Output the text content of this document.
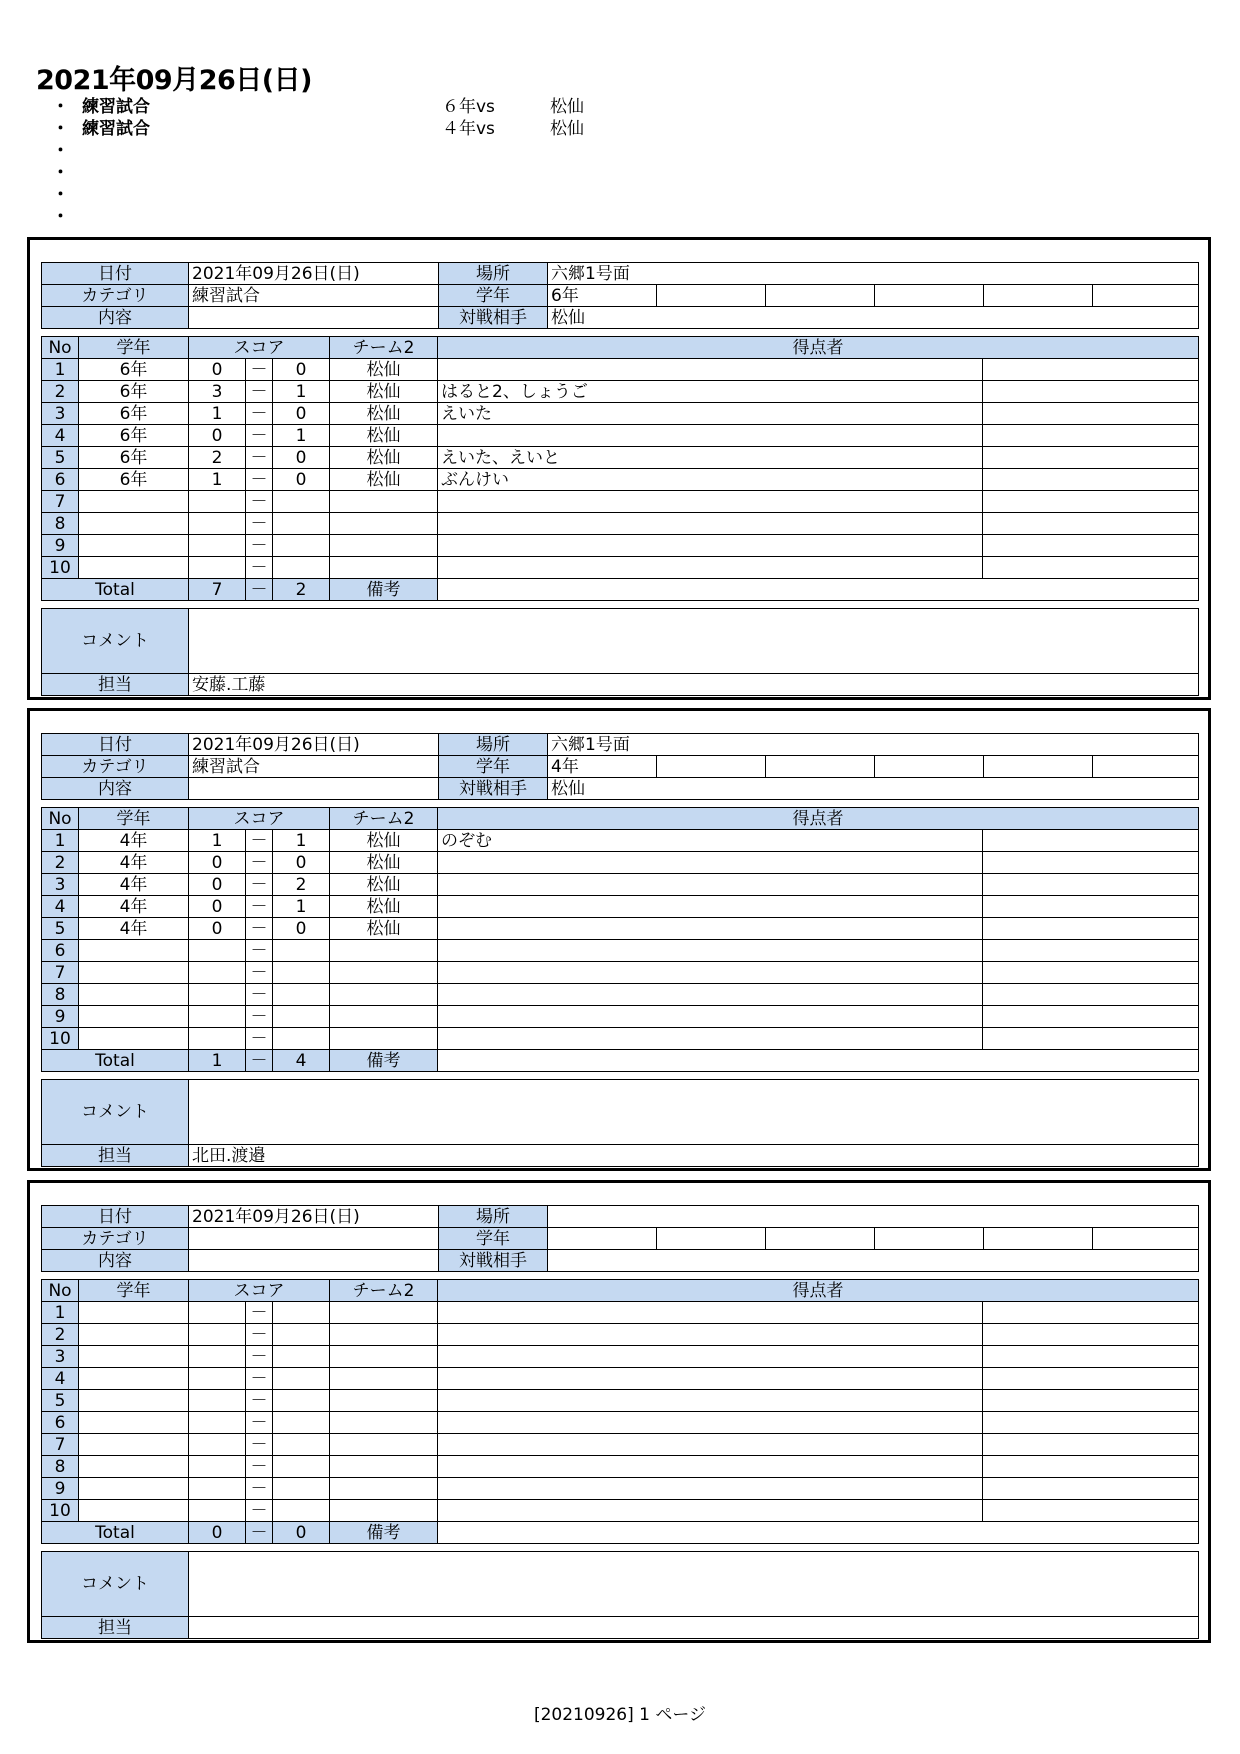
2021年09月26日(日)
・ 練習試合	６年vs	松仙
・ 練習試合	４年vs	松仙
・
・
・
・
日付	2021年09月26日(日)	場所	六郷1号面					
カテゴリ	練習試合	学年	6年					
内容		対戦相手	松仙					
No	学年	スコア			チーム2	得点者	
1	6年	0	－	0	松仙		
2	6年	3	－	1	松仙	はると2、しょうご	
3	6年	1	－	0	松仙	えいた	
4	6年	0	－	1	松仙		
5	6年	2	－	0	松仙	えいた、えいと	
6	6年	1	－	0	松仙	ぶんけい	
7			－				
8			－				
9			－				
10			－				
Total		7	－	2	備考		
コメント	
担当	安藤.工藤
日付	2021年09月26日(日)	場所	六郷1号面					
カテゴリ	練習試合	学年	4年					
内容		対戦相手	松仙					
No	学年	スコア			チーム2	得点者	
1	4年	1	－	1	松仙	のぞむ	
2	4年	0	－	0	松仙		
3	4年	0	－	2	松仙		
4	4年	0	－	1	松仙		
5	4年	0	－	0	松仙		
6			－				
7			－				
8			－				
9			－				
10			－				
Total		1	－	4	備考		
コメント	
担当	北田.渡邉
日付	2021年09月26日(日)	場所						
カテゴリ		学年						
内容		対戦相手						
No	学年	スコア			チーム2	得点者	
1			－				
2			－				
3			－				
4			－				
5			－				
6			－				
7			－				
8			－				
9			－				
10			－				
Total		0	－	0	備考		
コメント	
担当	
[20210926] 1 ページ
